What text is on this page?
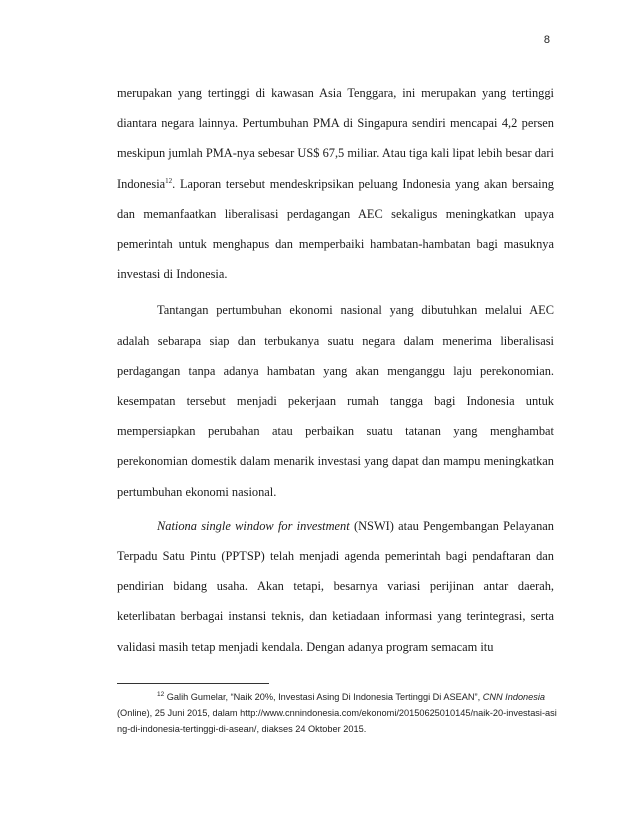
8

merupakan yang tertinggi di kawasan Asia Tenggara, ini merupakan yang tertinggi diantara negara lainnya. Pertumbuhan PMA di Singapura sendiri mencapai 4,2 persen meskipun jumlah PMA-nya sebesar US$ 67,5 miliar. Atau tiga kali lipat lebih besar dari Indonesia$^{12}$. Laporan tersebut mendeskripsikan peluang Indonesia yang akan bersaing dan memanfaatkan liberalisasi perdagangan AEC sekaligus meningkatkan upaya pemerintah untuk menghapus dan memperbaiki hambatan-hambatan bagi masuknya investasi di Indonesia.

Tantangan pertumbuhan ekonomi nasional yang dibutuhkan melalui AEC adalah sebarapa siap dan terbukanya suatu negara dalam menerima liberalisasi perdagangan tanpa adanya hambatan yang akan menganggu laju perekonomian. kesempatan tersebut menjadi pekerjaan rumah tangga bagi Indonesia untuk mempersiapkan perubahan atau perbaikan suatu tatanan yang menghambat perekonomian domestik dalam menarik investasi yang dapat dan mampu meningkatkan pertumbuhan ekonomi nasional.

Nationa single window for investment (NSWI) atau Pengembangan Pelayanan Terpadu Satu Pintu (PPTSP) telah menjadi agenda pemerintah bagi pendaftaran dan pendirian bidang usaha. Akan tetapi, besarnya variasi perijinan antar daerah, keterlibatan berbagai instansi teknis, dan ketiadaan informasi yang terintegrasi, serta validasi masih tetap menjadi kendala. Dengan adanya program semacam itu

$^{12}$ Galih Gumelar, “Naik 20%, Investasi Asing Di Indonesia Tertinggi Di ASEAN”, CNN Indonesia (Online), 25 Juni 2015, dalam http://www.cnnindonesia.com/ekonomi/20150625010145/naik-20-investasi-asing-di-indonesia-tertinggi-di-asean/, diakses 24 Oktober 2015.
